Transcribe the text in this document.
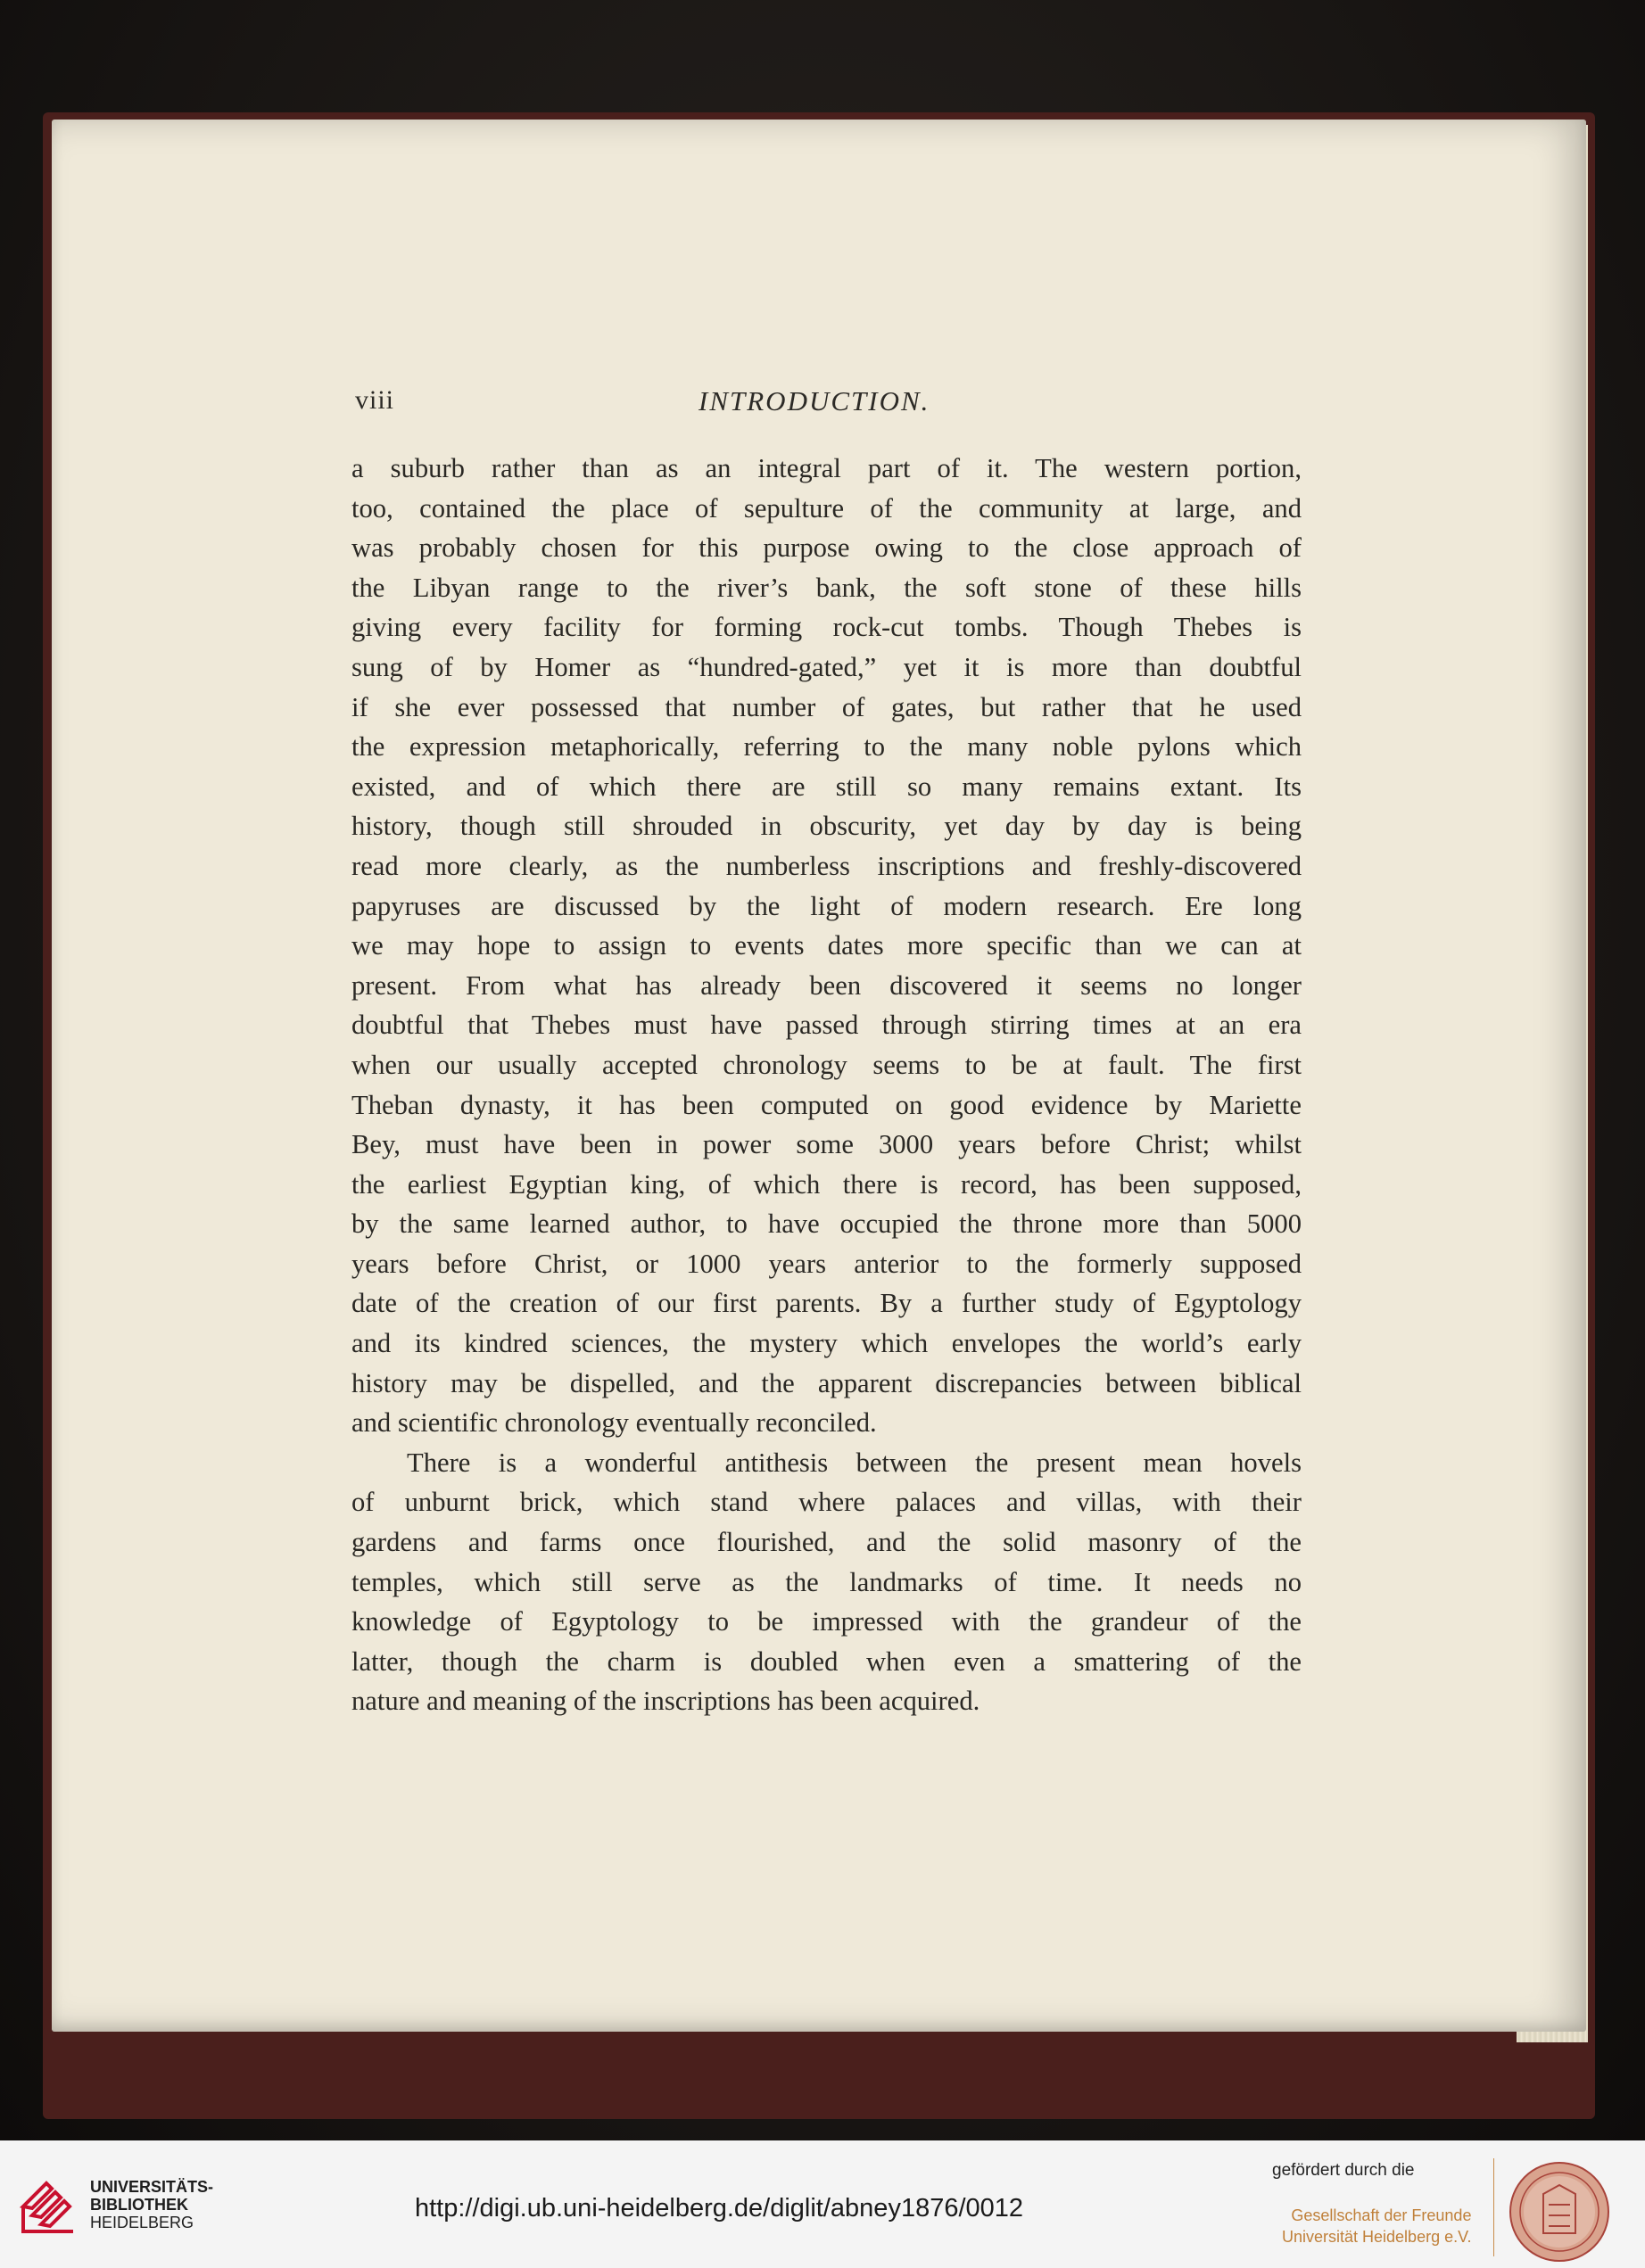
viii	INTRODUCTION.
a suburb rather than as an integral part of it. The western portion,
too, contained the place of sepulture of the community at large, and
was probably chosen for this purpose owing to the close approach of
the Libyan range to the river’s bank, the soft stone of these hills
giving every facility for forming rock-cut tombs. Though Thebes is
sung of by Homer as “hundred-gated,” yet it is more than doubtful
if she ever possessed that number of gates, but rather that he used
the expression metaphorically, referring to the many noble pylons which
existed, and of which there are still so many remains extant. Its
history, though still shrouded in obscurity, yet day by day is being
read more clearly, as the numberless inscriptions and freshly-discovered
papyruses are discussed by the light of modern research. Ere long
we may hope to assign to events dates more specific than we can at
present. From what has already been discovered it seems no longer
doubtful that Thebes must have passed through stirring times at an era
when our usually accepted chronology seems to be at fault. The first
Theban dynasty, it has been computed on good evidence by Mariette
Bey, must have been in power some 3000 years before Christ; whilst
the earliest Egyptian king, of which there is record, has been supposed,
by the same learned author, to have occupied the throne more than 5000
years before Christ, or 1000 years anterior to the formerly supposed
date of the creation of our first parents. By a further study of Egyptology
and its kindred sciences, the mystery which envelopes the world’s early
history may be dispelled, and the apparent discrepancies between biblical
and scientific chronology eventually reconciled.
There is a wonderful antithesis between the present mean hovels
of unburnt brick, which stand where palaces and villas, with their
gardens and farms once flourished, and the solid masonry of the
temples, which still serve as the landmarks of time. It needs no
knowledge of Egyptology to be impressed with the grandeur of the
latter, though the charm is doubled when even a smattering of the
nature and meaning of the inscriptions has been acquired.
UNIVERSITÄTS-
BIBLIOTHEK
HEIDELBERG	http://digi.ub.uni-heidelberg.de/diglit/abney1876/0012
gefördert durch die
Gesellschaft der Freunde
Universität Heidelberg e.V.
